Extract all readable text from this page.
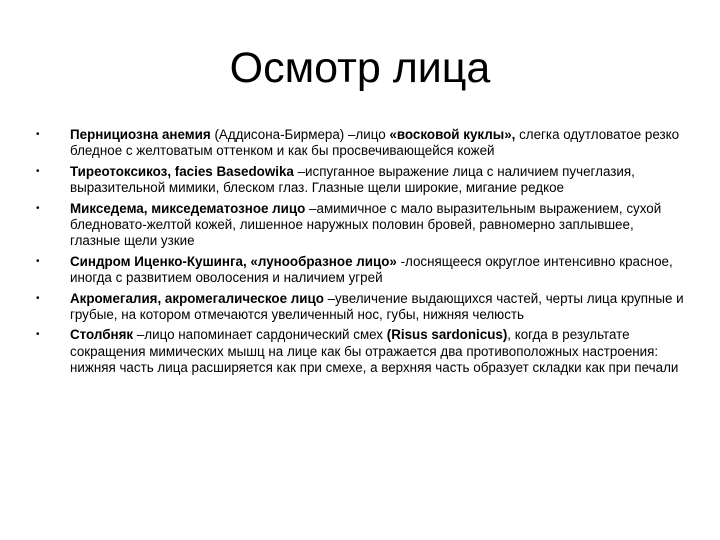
Осмотр лица
• Пернициозна анемия (Аддисона-Бирмера) –лицо «восковой куклы», слегка одутловатое резко бледное с желтоватым оттенком и как бы просвечивающейся кожей
• Тиреотоксикоз, facies Basedowika –испуганное выражение лица с наличием пучеглазия, выразительной мимики, блеском глаз. Глазные щели широкие, мигание редкое
• Микседема, микседематозное лицо –амимичное с мало выразительным выражением, сухой бледновато-желтой кожей, лишенное наружных половин бровей, равномерно заплывшее, глазные щели узкие
• Синдром Иценко-Кушинга, «лунообразное лицо» -лоснящееся округлое интенсивно красное, иногда с развитием оволосения и наличием угрей
• Акромегалия, акромегалическое лицо –увеличение выдающихся частей, черты лица крупные и грубые, на котором отмечаются увеличенный нос, губы, нижняя челюсть
• Столбняк –лицо напоминает сардонический смех (Risus sardonicus), когда в результате сокращения мимических мышц на лице как бы отражается два противоположных настроения: нижняя часть лица расширяется как при смехе, а верхняя часть образует складки как при печали
